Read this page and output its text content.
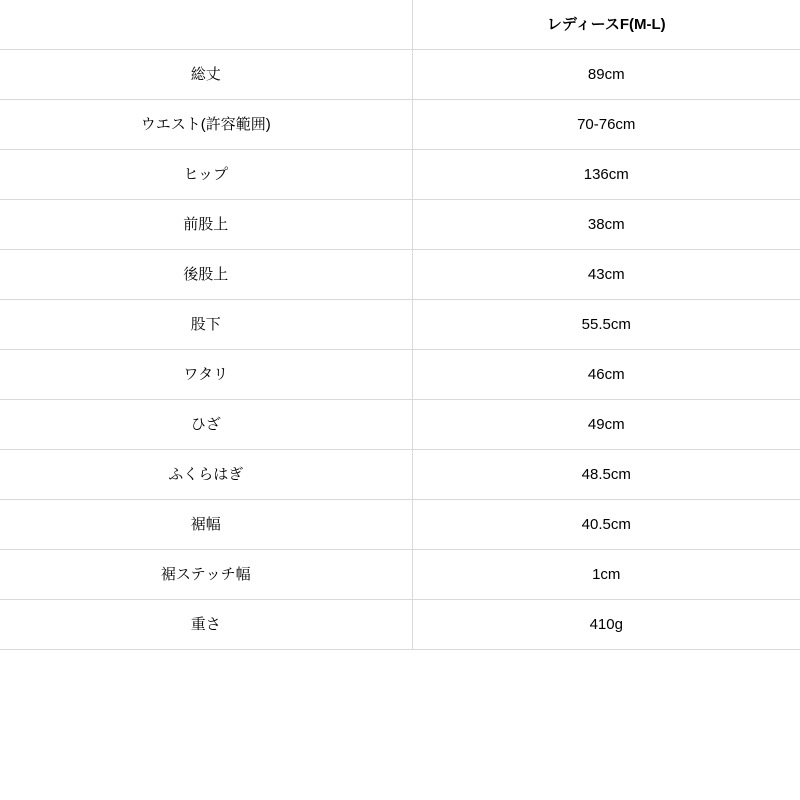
	レディースF(M-L)
総丈	89cm
ウエスト(許容範囲)	70-76cm
ヒップ	136cm
前股上	38cm
後股上	43cm
股下	55.5cm
ワタリ	46cm
ひざ	49cm
ふくらはぎ	48.5cm
裾幅	40.5cm
裾ステッチ幅	1cm
重さ	410g
